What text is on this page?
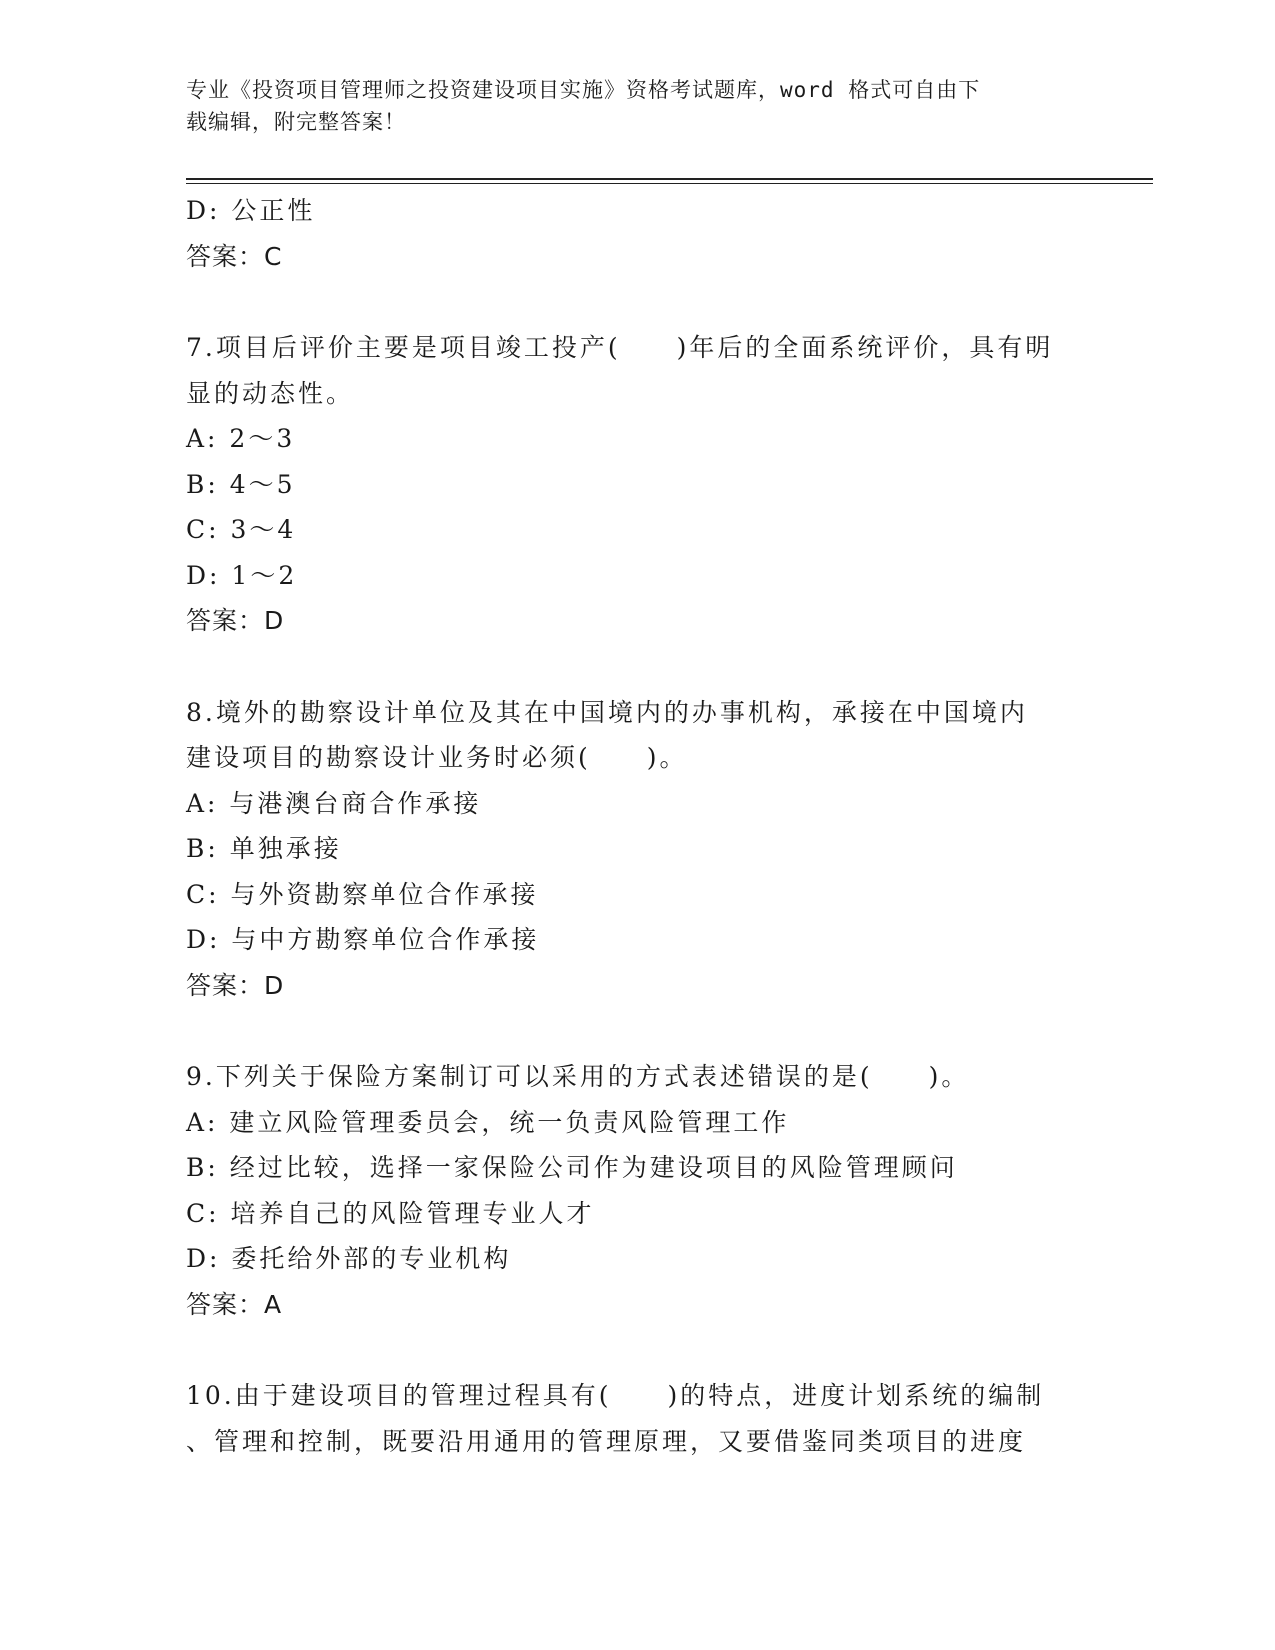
专业《投资项目管理师之投资建设项目实施》资格考试题库，word 格式可自由下
载编辑，附完整答案！
D: 公正性
答案：C
7.项目后评价主要是项目竣工投产(　　)年后的全面系统评价，具有明
显的动态性。
A: 2～3
B: 4～5
C: 3～4
D: 1～2
答案：D
8.境外的勘察设计单位及其在中国境内的办事机构，承接在中国境内
建设项目的勘察设计业务时必须(　　)。
A: 与港澳台商合作承接
B: 单独承接
C: 与外资勘察单位合作承接
D: 与中方勘察单位合作承接
答案：D
9.下列关于保险方案制订可以采用的方式表述错误的是(　　)。
A: 建立风险管理委员会，统一负责风险管理工作
B: 经过比较，选择一家保险公司作为建设项目的风险管理顾问
C: 培养自己的风险管理专业人才
D: 委托给外部的专业机构
答案：A
10.由于建设项目的管理过程具有(　　)的特点，进度计划系统的编制
、管理和控制，既要沿用通用的管理原理，又要借鉴同类项目的进度
